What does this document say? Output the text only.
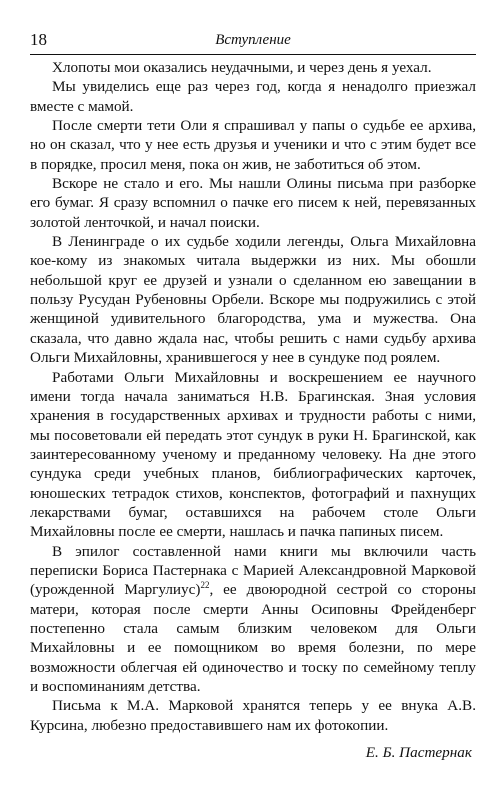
18	Вступление

Хлопоты мои оказались неудачными, и через день я уехал.

Мы увиделись еще раз через год, когда я ненадолго приезжал вместе с мамой.

После смерти тети Оли я спрашивал у папы о судьбе ее архива, но он сказал, что у нее есть друзья и ученики и что с этим будет все в порядке, просил меня, пока он жив, не заботиться об этом.

Вскоре не стало и его. Мы нашли Олины письма при разборке его бумаг. Я сразу вспомнил о пачке его писем к ней, перевязанных золотой ленточкой, и начал поиски.

В Ленинграде о их судьбе ходили легенды, Ольга Михайловна кое-кому из знакомых читала выдержки из них. Мы обошли небольшой круг ее друзей и узнали о сделанном ею завещании в пользу Русудан Рубеновны Орбели. Вскоре мы подружились с этой женщиной удивительного благородства, ума и мужества. Она сказала, что давно ждала нас, чтобы решить с нами судьбу архива Ольги Михайловны, хранившегося у нее в сундуке под роялем.

Работами Ольги Михайловны и воскрешением ее научного имени тогда начала заниматься Н.В. Брагинская. Зная условия хранения в государственных архивах и трудности работы с ними, мы посоветовали ей передать этот сундук в руки Н. Брагинской, как заинтересованному ученому и преданному человеку. На дне этого сундука среди учебных планов, библиографических карточек, юношеских тетрадок стихов, конспектов, фотографий и пахнущих лекарствами бумаг, оставшихся на рабочем столе Ольги Михайловны после ее смерти, нашлась и пачка папиных писем.

В эпилог составленной нами книги мы включили часть переписки Бориса Пастернака с Марией Александровной Марковой (урожденной Маргулиус)$^{22}$, ее двоюродной сестрой со стороны матери, которая после смерти Анны Осиповны Фрейденберг постепенно стала самым близким человеком для Ольги Михайловны и ее помощником во время болезни, по мере возможности облегчая ей одиночество и тоску по семейному теплу и воспоминаниям детства.

Письма к М.А. Марковой хранятся теперь у ее внука А.В. Курсина, любезно предоставившего нам их фотокопии.

Е. Б. Пастернак
